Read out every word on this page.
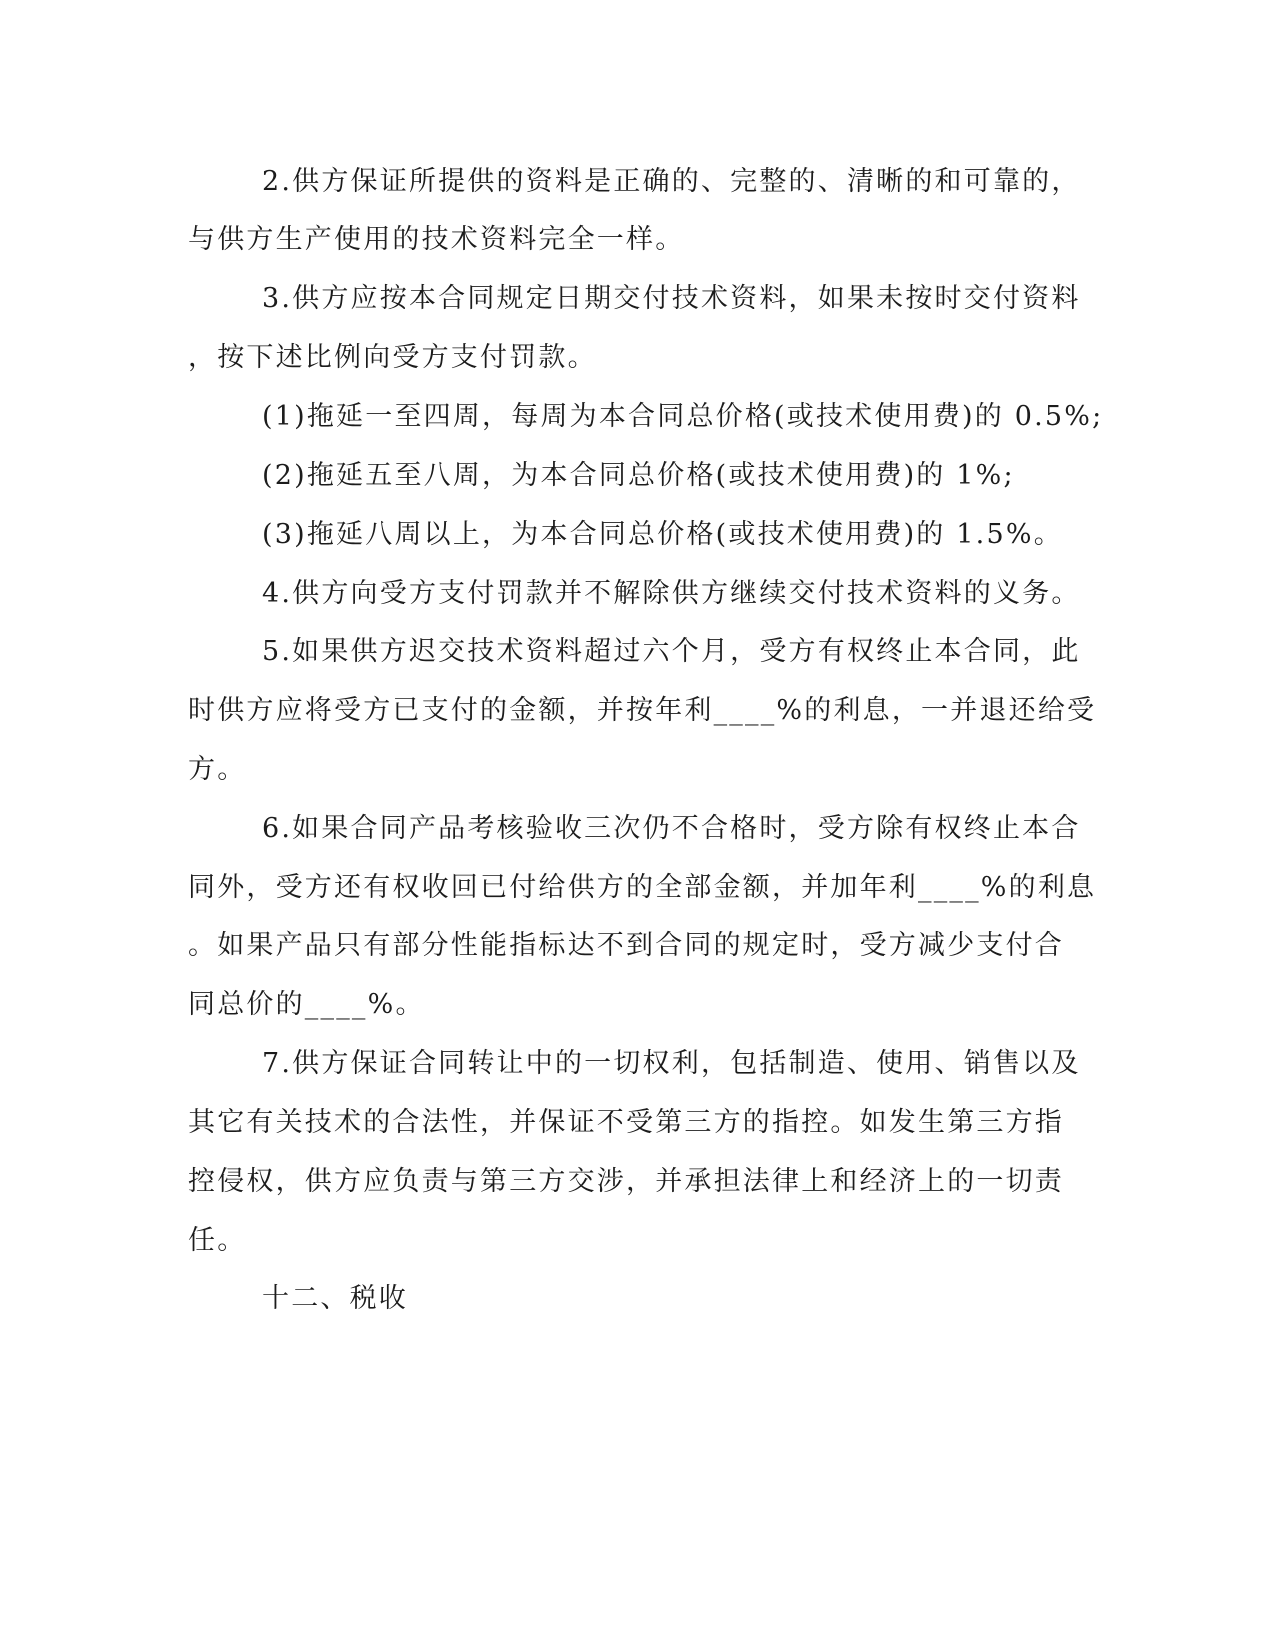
2.供方保证所提供的资料是正确的、完整的、清晰的和可靠的，
与供方生产使用的技术资料完全一样。
3.供方应按本合同规定日期交付技术资料，如果未按时交付资料
，按下述比例向受方支付罚款。
(1)拖延一至四周，每周为本合同总价格(或技术使用费)的 0.5%;
(2)拖延五至八周，为本合同总价格(或技术使用费)的 1%;
(3)拖延八周以上，为本合同总价格(或技术使用费)的 1.5%。
4.供方向受方支付罚款并不解除供方继续交付技术资料的义务。
5.如果供方迟交技术资料超过六个月，受方有权终止本合同，此
时供方应将受方已支付的金额，并按年利____%的利息，一并退还给受
方。
6.如果合同产品考核验收三次仍不合格时，受方除有权终止本合
同外，受方还有权收回已付给供方的全部金额，并加年利____%的利息
。如果产品只有部分性能指标达不到合同的规定时，受方减少支付合
同总价的____%。
7.供方保证合同转让中的一切权利，包括制造、使用、销售以及
其它有关技术的合法性，并保证不受第三方的指控。如发生第三方指
控侵权，供方应负责与第三方交涉，并承担法律上和经济上的一切责
任。
十二、税收
